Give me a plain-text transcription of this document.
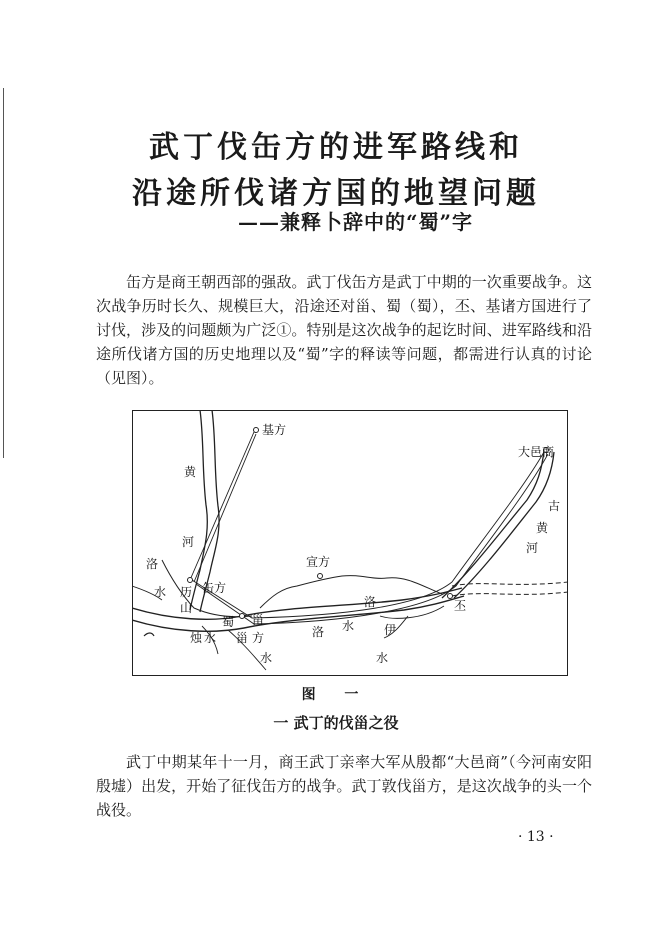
武丁伐缶方的进军路线和
沿途所伐诸方国的地望问题
——兼释卜辞中的“蜀”字
缶方是商王朝西部的强敌。武丁伐缶方是武丁中期的一次重要战争。这次战争历时长久、规模巨大，沿途还对甾、蜀（蜀），丕、基诸方国进行了讨伐，涉及的问题颇为广泛①。特别是这次战争的起讫时间、进军路线和沿途所伐诸方国的历史地理以及“蜀”字的释读等问题，都需进行认真的讨论（见图）。
基方
大邑商
黄
河
古
黄
河
洛
水 历
山
缶方
宣方
洛	丕
蜀
烛 水
甾
方
甾	洛 水 伊
水
水
图 一
一 武丁的伐甾之役
武丁中期某年十一月，商王武丁亲率大军从殷都“大邑商”（今河南安阳殷墟）出发，开始了征伐缶方的战争。武丁敦伐甾方，是这次战争的头一个战役。
· 13 ·
